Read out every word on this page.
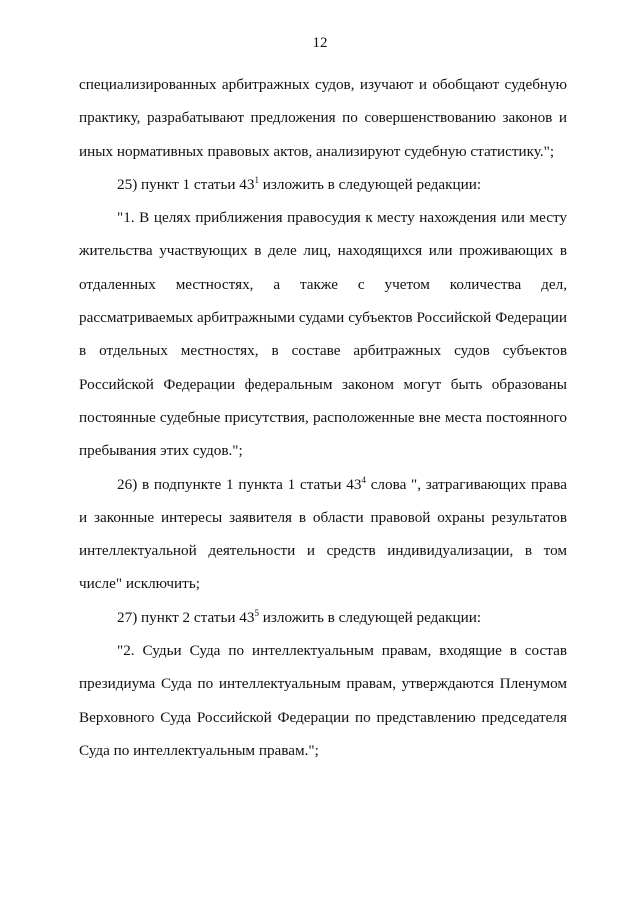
12

специализированных арбитражных судов, изучают и обобщают судебную практику, разрабатывают предложения по совершенствованию законов и иных нормативных правовых актов, анализируют судебную статистику.";

25) пункт 1 статьи $43^1$ изложить в следующей редакции:

"1. В целях приближения правосудия к месту нахождения или месту жительства участвующих в деле лиц, находящихся или проживающих в отдаленных местностях, а также с учетом количества дел, рассматриваемых арбитражными судами субъектов Российской Федерации в отдельных местностях, в составе арбитражных судов субъектов Российской Федерации федеральным законом могут быть образованы постоянные судебные присутствия, расположенные вне места постоянного пребывания этих судов.";

26) в подпункте 1 пункта 1 статьи $43^4$ слова ", затрагивающих права и законные интересы заявителя в области правовой охраны результатов интеллектуальной деятельности и средств индивидуализации, в том числе" исключить;

27) пункт 2 статьи $43^5$ изложить в следующей редакции:

"2. Судьи Суда по интеллектуальным правам, входящие в состав президиума Суда по интеллектуальным правам, утверждаются Пленумом Верховного Суда Российской Федерации по представлению председателя Суда по интеллектуальным правам.";
